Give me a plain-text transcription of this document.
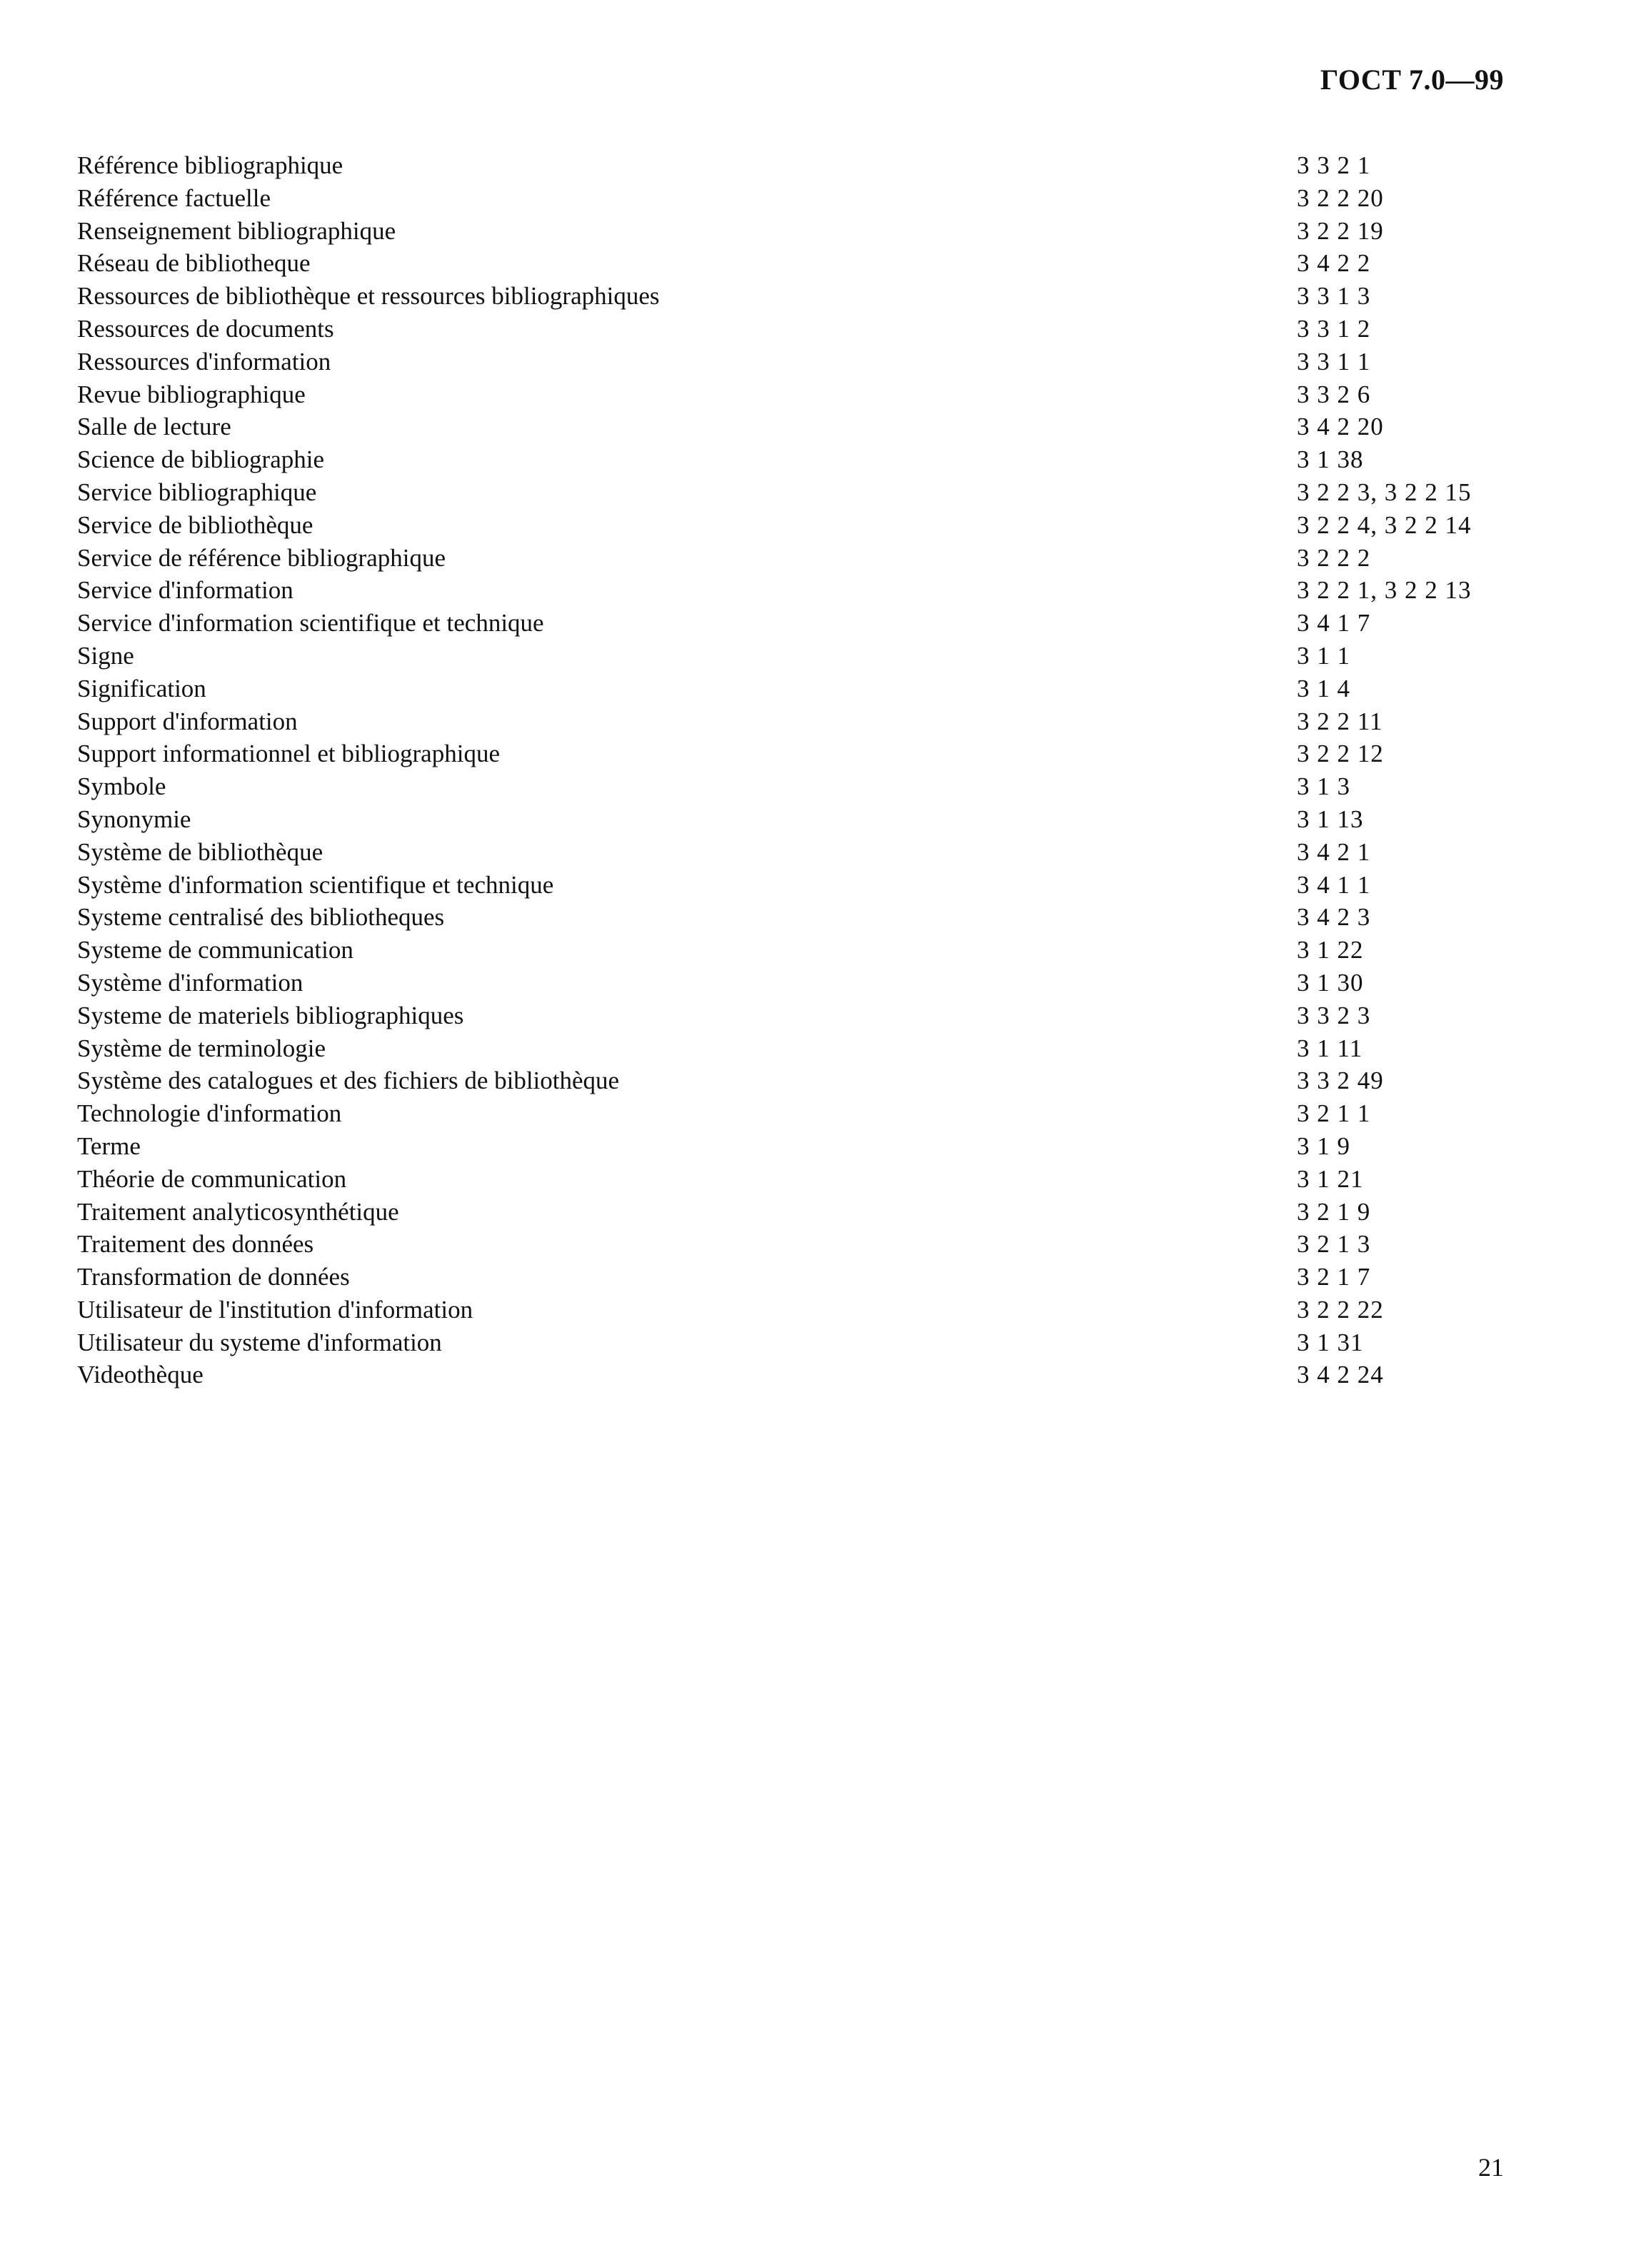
ГОСТ 7.0—99
Référence bibliographique	3 3 2 1
Référence factuelle	3 2 2 20
Renseignement bibliographique	3 2 2 19
Réseau de bibliotheque	3 4 2 2
Ressources de bibliothèque et ressources bibliographiques	3 3 1 3
Ressources de documents	3 3 1 2
Ressources d'information	3 3 1 1
Revue bibliographique	3 3 2 6
Salle de lecture	3 4 2 20
Science de bibliographie	3 1 38
Service bibliographique	3 2 2 3, 3 2 2 15
Service de bibliothèque	3 2 2 4, 3 2 2 14
Service de référence bibliographique	3 2 2 2
Service d'information	3 2 2 1, 3 2 2 13
Service d'information scientifique et technique	3 4 1 7
Signe	3 1 1
Signification	3 1 4
Support d'information	3 2 2 11
Support informationnel et bibliographique	3 2 2 12
Symbole	3 1 3
Synonymie	3 1 13
Système de bibliothèque	3 4 2 1
Système d'information scientifique et technique	3 4 1 1
Systeme centralisé des bibliotheques	3 4 2 3
Systeme de communication	3 1 22
Système d'information	3 1 30
Systeme de materiels bibliographiques	3 3 2 3
Système de terminologie	3 1 11
Système des catalogues et des fichiers de bibliothèque	3 3 2 49
Technologie d'information	3 2 1 1
Terme	3 1 9
Théorie de communication	3 1 21
Traitement analyticosynthétique	3 2 1 9
Traitement des données	3 2 1 3
Transformation de données	3 2 1 7
Utilisateur de l'institution d'information	3 2 2 22
Utilisateur du systeme d'information	3 1 31
Videothèque	3 4 2 24
21
